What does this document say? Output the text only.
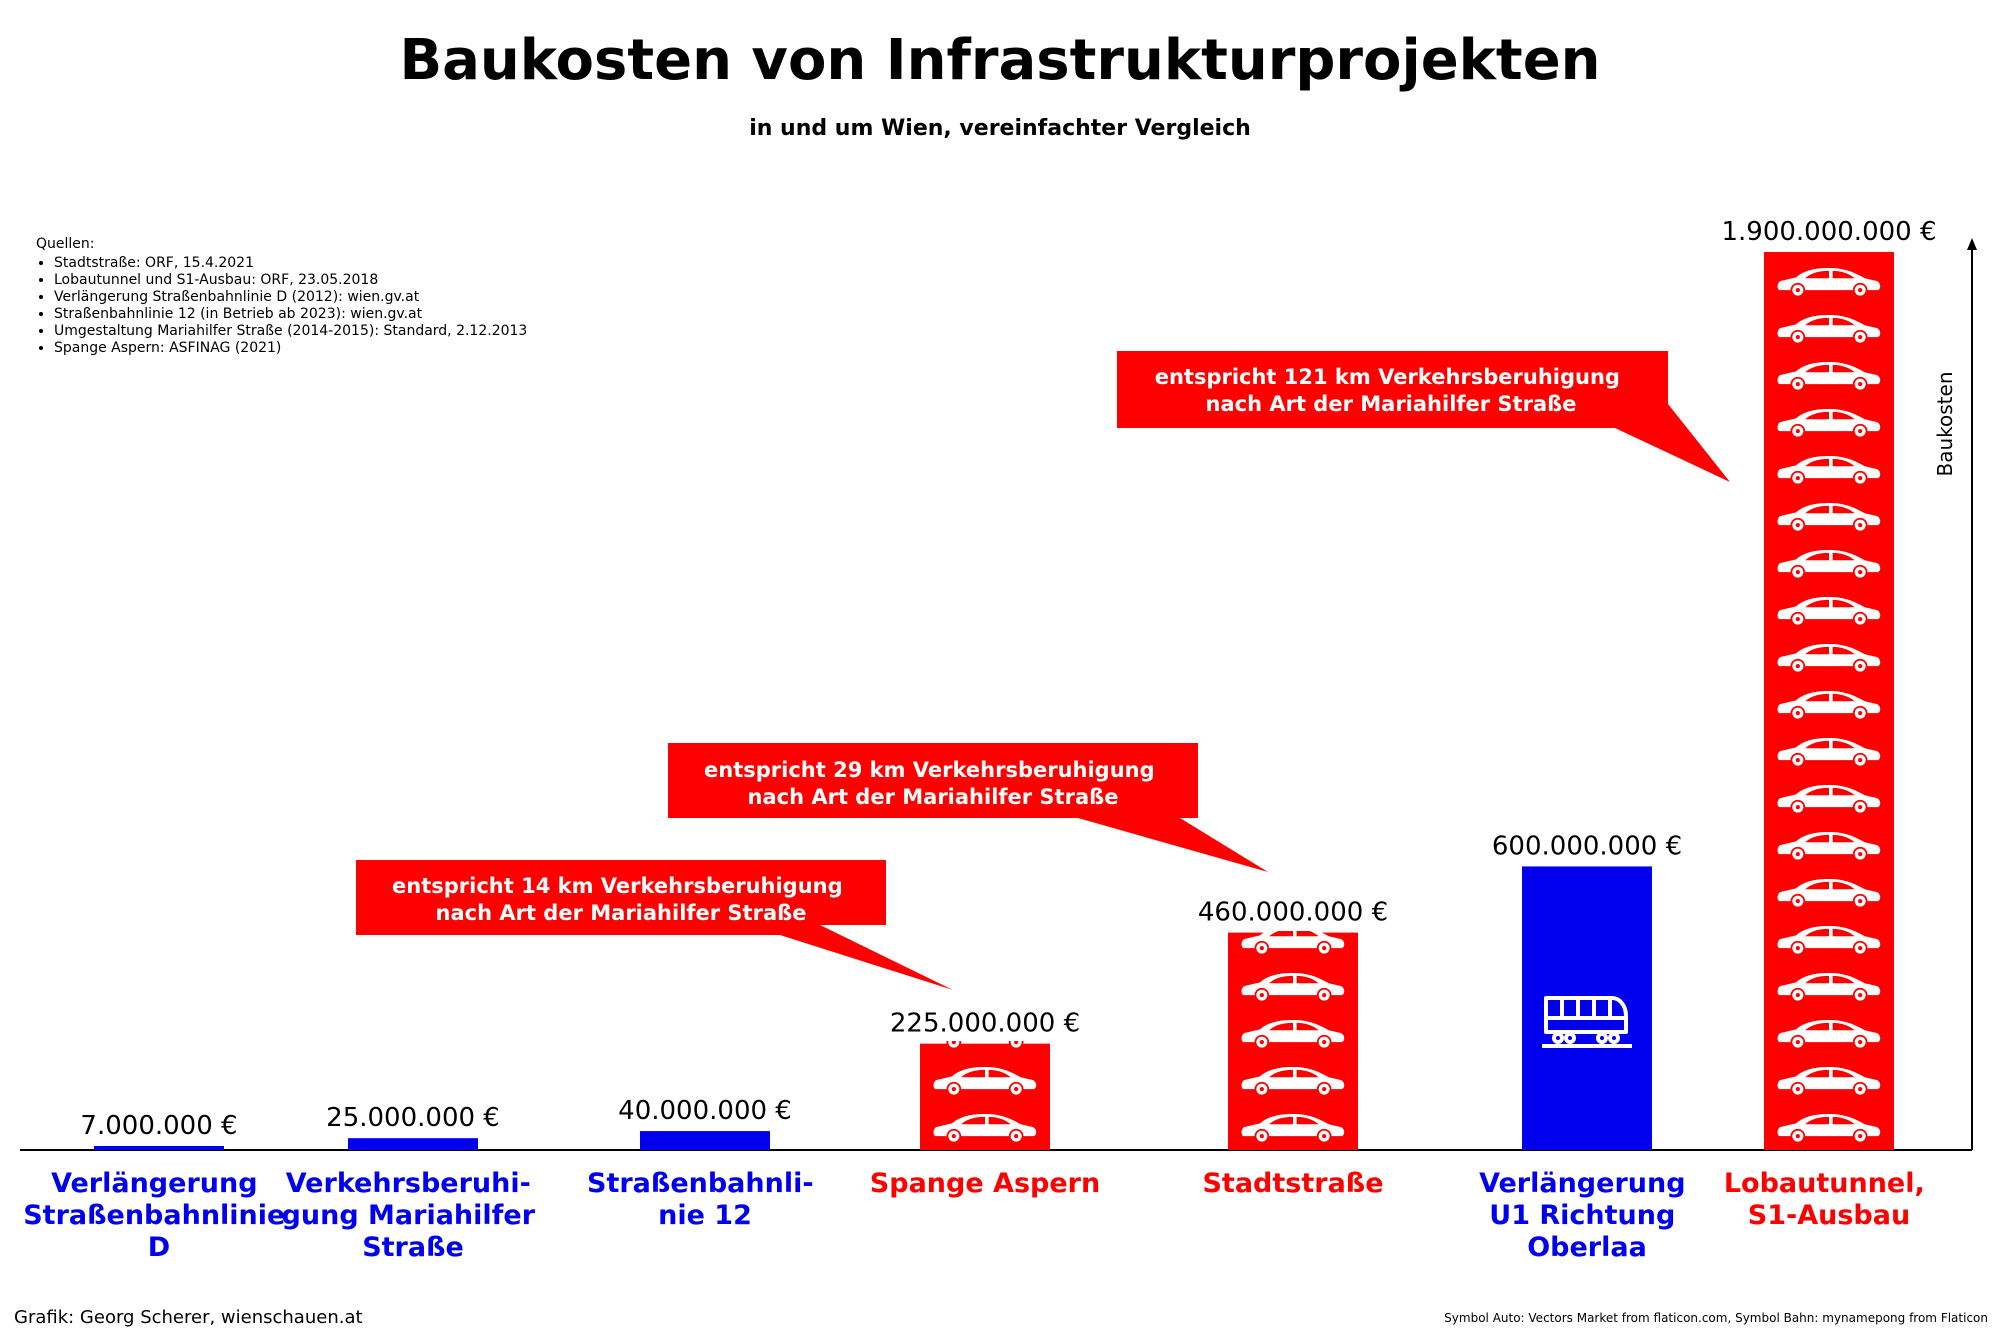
Baukosten von Infrastrukturprojekten
in und um Wien, vereinfachter Vergleich
Quellen:
• Stadtstraße: ORF, 15.4.2021
• Lobautunnel und S1-Ausbau: ORF, 23.05.2018
• Verlängerung Straßenbahnlinie D (2012): wien.gv.at
• Straßenbahnlinie 12 (in Betrieb ab 2023): wien.gv.at
• Umgestaltung Mariahilfer Straße (2014-2015): Standard, 2.12.2013
• Spange Aspern: ASFINAG (2021)
Baukosten
7.000.000 €	25.000.000 €	40.000.000 €
225.000.000 €
460.000.000 €
600.000.000 €
1.900.000.000 €
Verlängerung Straßenbahnlinie D
Verkehrsberuhi- gung Mariahilfer Straße
Straßenbahnli- nie 12
Spange Aspern	Stadtstraße	Verlängerung U1 Richtung Oberlaa
Lobautunnel, S1-Ausbau
entspricht 14 km Verkehrsberuhigung nach Art der Mariahilfer Straße
entspricht 29 km Verkehrsberuhigung nach Art der Mariahilfer Straße
entspricht 121 km Verkehrsberuhigung nach Art der Mariahilfer Straße
Grafik: Georg Scherer, wienschauen.at	Symbol Auto: Vectors Market from flaticon.com, Symbol Bahn: mynamepong from Flaticon
